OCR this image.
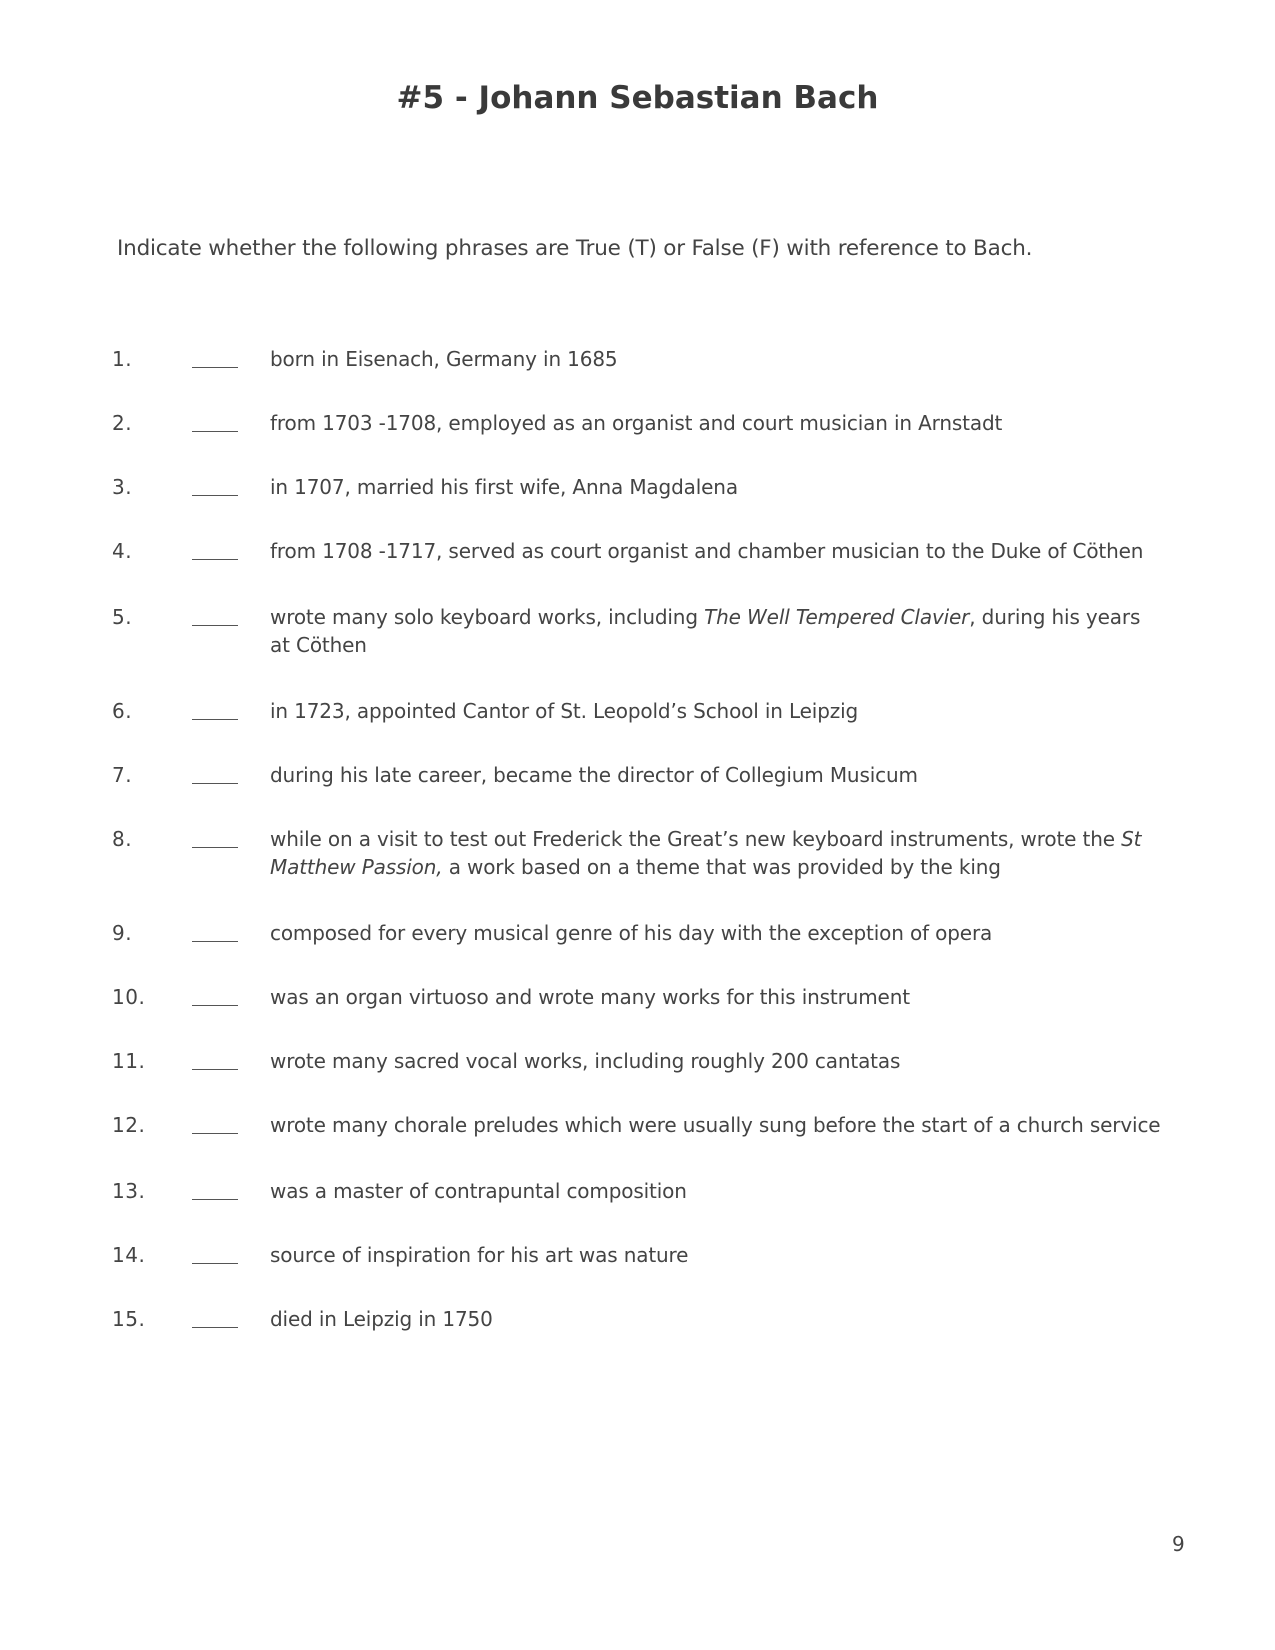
#5 - Johann Sebastian Bach

Indicate whether the following phrases are True (T) or False (F) with reference to Bach.

1.	born in Eisenach, Germany in 1685
2.	from 1703 -1708, employed as an organist and court musician in Arnstadt
3.	in 1707, married his first wife, Anna Magdalena
4.	from 1708 -1717, served as court organist and chamber musician to the Duke of Cöthen
5.	wrote many solo keyboard works, including The Well Tempered Clavier, during his years at Cöthen
6.	in 1723, appointed Cantor of St. Leopold’s School in Leipzig
7.	during his late career, became the director of Collegium Musicum
8.	while on a visit to test out Frederick the Great’s new keyboard instruments, wrote the St Matthew Passion, a work based on a theme that was provided by the king
9.	composed for every musical genre of his day with the exception of opera
10.	was an organ virtuoso and wrote many works for this instrument
11.	wrote many sacred vocal works, including roughly 200 cantatas
12.	wrote many chorale preludes which were usually sung before the start of a church service
13.	was a master of contrapuntal composition
14.	source of inspiration for his art was nature
15.	died in Leipzig in 1750
9
